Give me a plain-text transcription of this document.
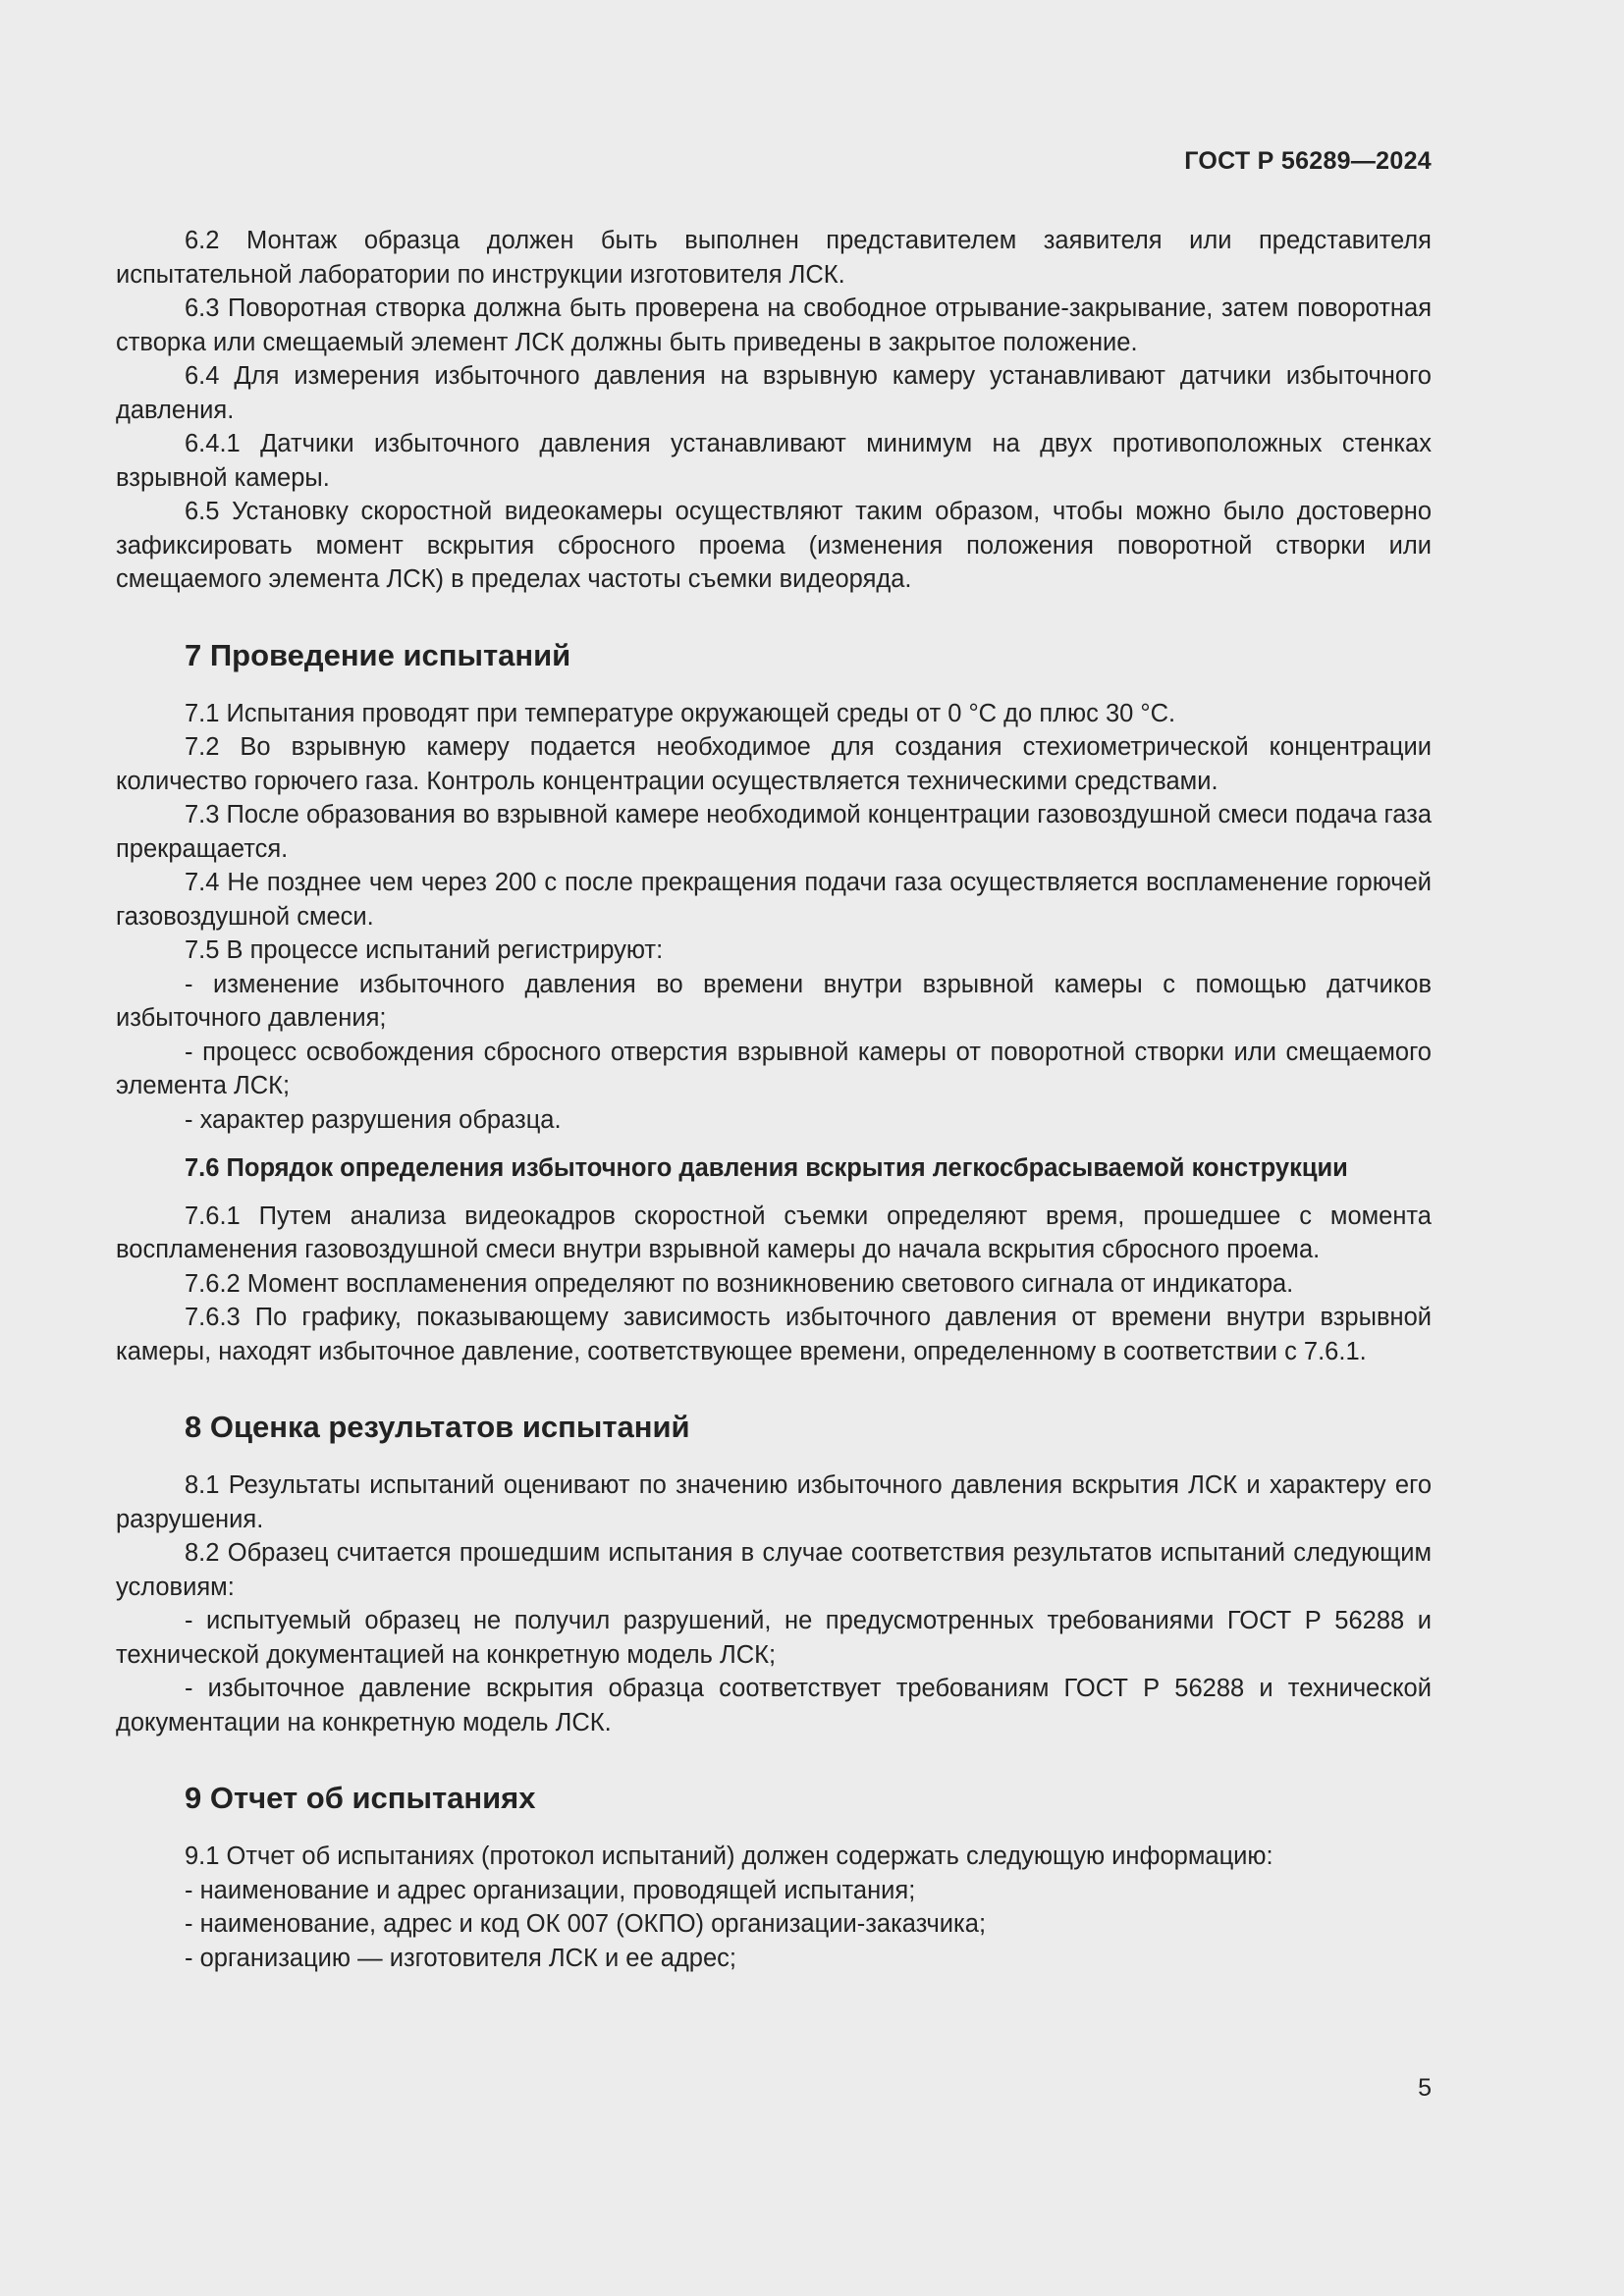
ГОСТ Р 56289—2024

6.2 Монтаж образца должен быть выполнен представителем заявителя или представителя испытательной лаборатории по инструкции изготовителя ЛСК.

6.3 Поворотная створка должна быть проверена на свободное отрывание-закрывание, затем поворотная створка или смещаемый элемент ЛСК должны быть приведены в закрытое положение.

6.4 Для измерения избыточного давления на взрывную камеру устанавливают датчики избыточного давления.

6.4.1 Датчики избыточного давления устанавливают минимум на двух противоположных стенках взрывной камеры.

6.5 Установку скоростной видеокамеры осуществляют таким образом, чтобы можно было достоверно зафиксировать момент вскрытия сбросного проема (изменения положения поворотной створки или смещаемого элемента ЛСК) в пределах частоты съемки видеоряда.

7 Проведение испытаний

7.1 Испытания проводят при температуре окружающей среды от 0 °С до плюс 30 °С.

7.2 Во взрывную камеру подается необходимое для создания стехиометрической концентрации количество горючего газа. Контроль концентрации осуществляется техническими средствами.

7.3 После образования во взрывной камере необходимой концентрации газовоздушной смеси подача газа прекращается.

7.4 Не позднее чем через 200 с после прекращения подачи газа осуществляется воспламенение горючей газовоздушной смеси.

7.5 В процессе испытаний регистрируют:

- изменение избыточного давления во времени внутри взрывной камеры с помощью датчиков избыточного давления;

- процесс освобождения сбросного отверстия взрывной камеры от поворотной створки или смещаемого элемента ЛСК;

- характер разрушения образца.

7.6 Порядок определения избыточного давления вскрытия легкосбрасываемой конструкции

7.6.1 Путем анализа видеокадров скоростной съемки определяют время, прошедшее с момента воспламенения газовоздушной смеси внутри взрывной камеры до начала вскрытия сбросного проема.

7.6.2 Момент воспламенения определяют по возникновению светового сигнала от индикатора.

7.6.3 По графику, показывающему зависимость избыточного давления от времени внутри взрывной камеры, находят избыточное давление, соответствующее времени, определенному в соответствии с 7.6.1.

8 Оценка результатов испытаний

8.1 Результаты испытаний оценивают по значению избыточного давления вскрытия ЛСК и характеру его разрушения.

8.2 Образец считается прошедшим испытания в случае соответствия результатов испытаний следующим условиям:

- испытуемый образец не получил разрушений, не предусмотренных требованиями ГОСТ Р 56288 и технической документацией на конкретную модель ЛСК;

- избыточное давление вскрытия образца соответствует требованиям ГОСТ Р 56288 и технической документации на конкретную модель ЛСК.

9 Отчет об испытаниях

9.1 Отчет об испытаниях (протокол испытаний) должен содержать следующую информацию:

- наименование и адрес организации, проводящей испытания;

- наименование, адрес и код ОК 007 (ОКПО) организации-заказчика;

- организацию — изготовителя ЛСК и ее адрес;

5
